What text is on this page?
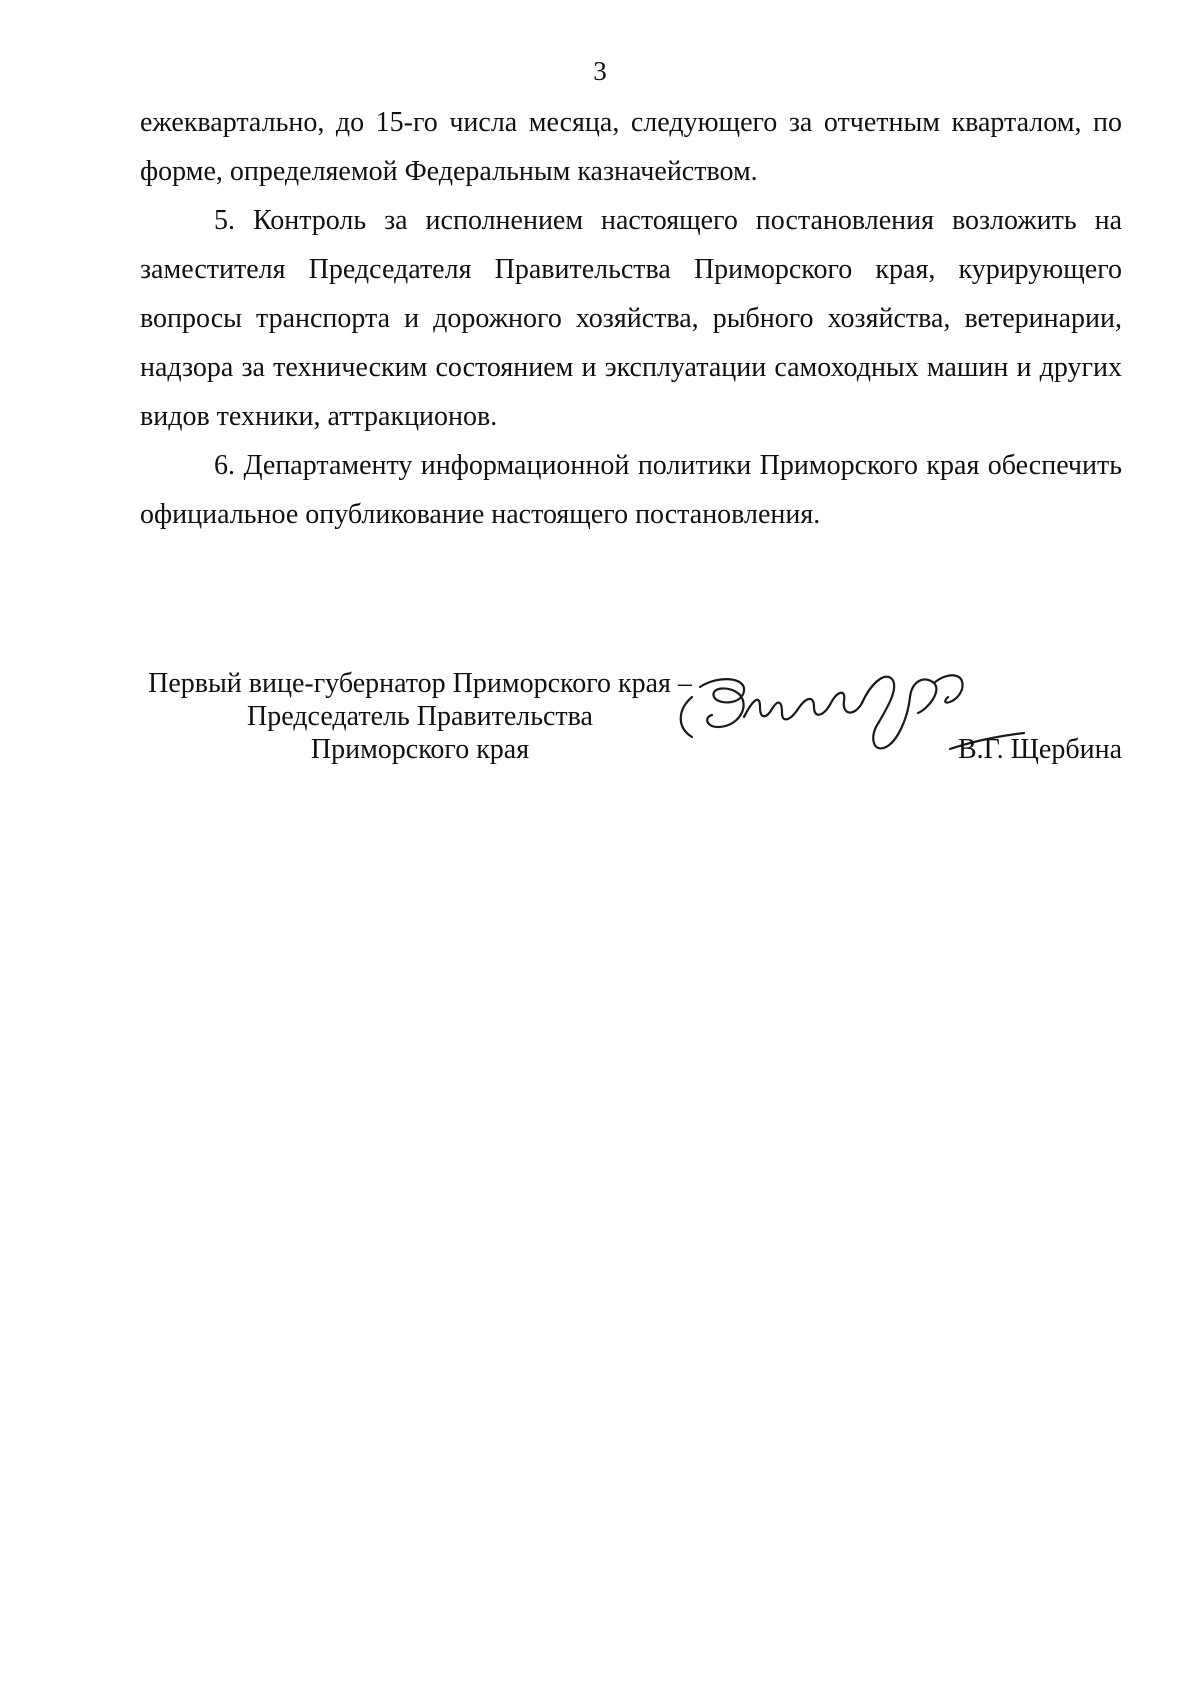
3

ежеквартально, до 15-го числа месяца, следующего за отчетным кварталом, по форме, определяемой Федеральным казначейством.

5. Контроль за исполнением настоящего постановления возложить на заместителя Председателя Правительства Приморского края, курирующего вопросы транспорта и дорожного хозяйства, рыбного хозяйства, ветеринарии, надзора за техническим состоянием и эксплуатации самоходных машин и других видов техники, аттракционов.

6. Департаменту информационной политики Приморского края обеспечить официальное опубликование настоящего постановления.

Первый вице-губернатор Приморского края –
Председатель Правительства
Приморского края	В.Г. Щербина
